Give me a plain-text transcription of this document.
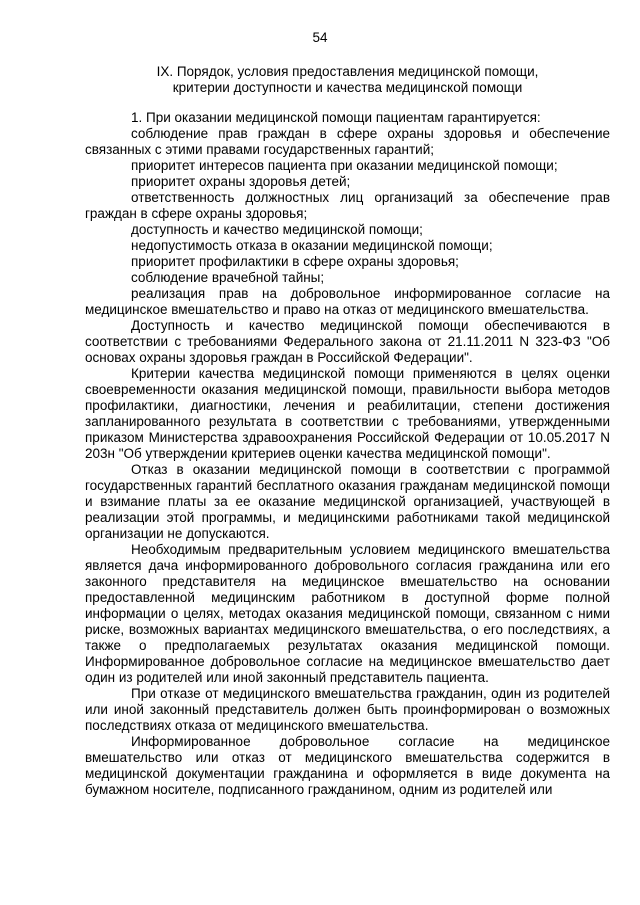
54
IX. Порядок, условия предоставления медицинской помощи,
критерии доступности и качества медицинской помощи

1. При оказании медицинской помощи пациентам гарантируется:

соблюдение прав граждан в сфере охраны здоровья и обеспечение связанных с этими правами государственных гарантий;

приоритет интересов пациента при оказании медицинской помощи;

приоритет охраны здоровья детей;

ответственность должностных лиц организаций за обеспечение прав граждан в сфере охраны здоровья;

доступность и качество медицинской помощи;

недопустимость отказа в оказании медицинской помощи;

приоритет профилактики в сфере охраны здоровья;

соблюдение врачебной тайны;

реализация прав на добровольное информированное согласие на медицинское вмешательство и право на отказ от медицинского вмешательства.

Доступность и качество медицинской помощи обеспечиваются в соответствии с требованиями Федерального закона от 21.11.2011 N 323-ФЗ "Об основах охраны здоровья граждан в Российской Федерации".

Критерии качества медицинской помощи применяются в целях оценки своевременности оказания медицинской помощи, правильности выбора методов профилактики, диагностики, лечения и реабилитации, степени достижения запланированного результата в соответствии с требованиями, утвержденными приказом Министерства здравоохранения Российской Федерации от 10.05.2017 N 203н "Об утверждении критериев оценки качества медицинской помощи".

Отказ в оказании медицинской помощи в соответствии с программой государственных гарантий бесплатного оказания гражданам медицинской помощи и взимание платы за ее оказание медицинской организацией, участвующей в реализации этой программы, и медицинскими работниками такой медицинской организации не допускаются.

Необходимым предварительным условием медицинского вмешательства является дача информированного добровольного согласия гражданина или его законного представителя на медицинское вмешательство на основании предоставленной медицинским работником в доступной форме полной информации о целях, методах оказания медицинской помощи, связанном с ними риске, возможных вариантах медицинского вмешательства, о его последствиях, а также о предполагаемых результатах оказания медицинской помощи. Информированное добровольное согласие на медицинское вмешательство дает один из родителей или иной законный представитель пациента.

При отказе от медицинского вмешательства гражданин, один из родителей или иной законный представитель должен быть проинформирован о возможных последствиях отказа от медицинского вмешательства.

Информированное добровольное согласие на медицинское вмешательство или отказ от медицинского вмешательства содержится в медицинской документации гражданина и оформляется в виде документа на бумажном носителе, подписанного гражданином, одним из родителей или
